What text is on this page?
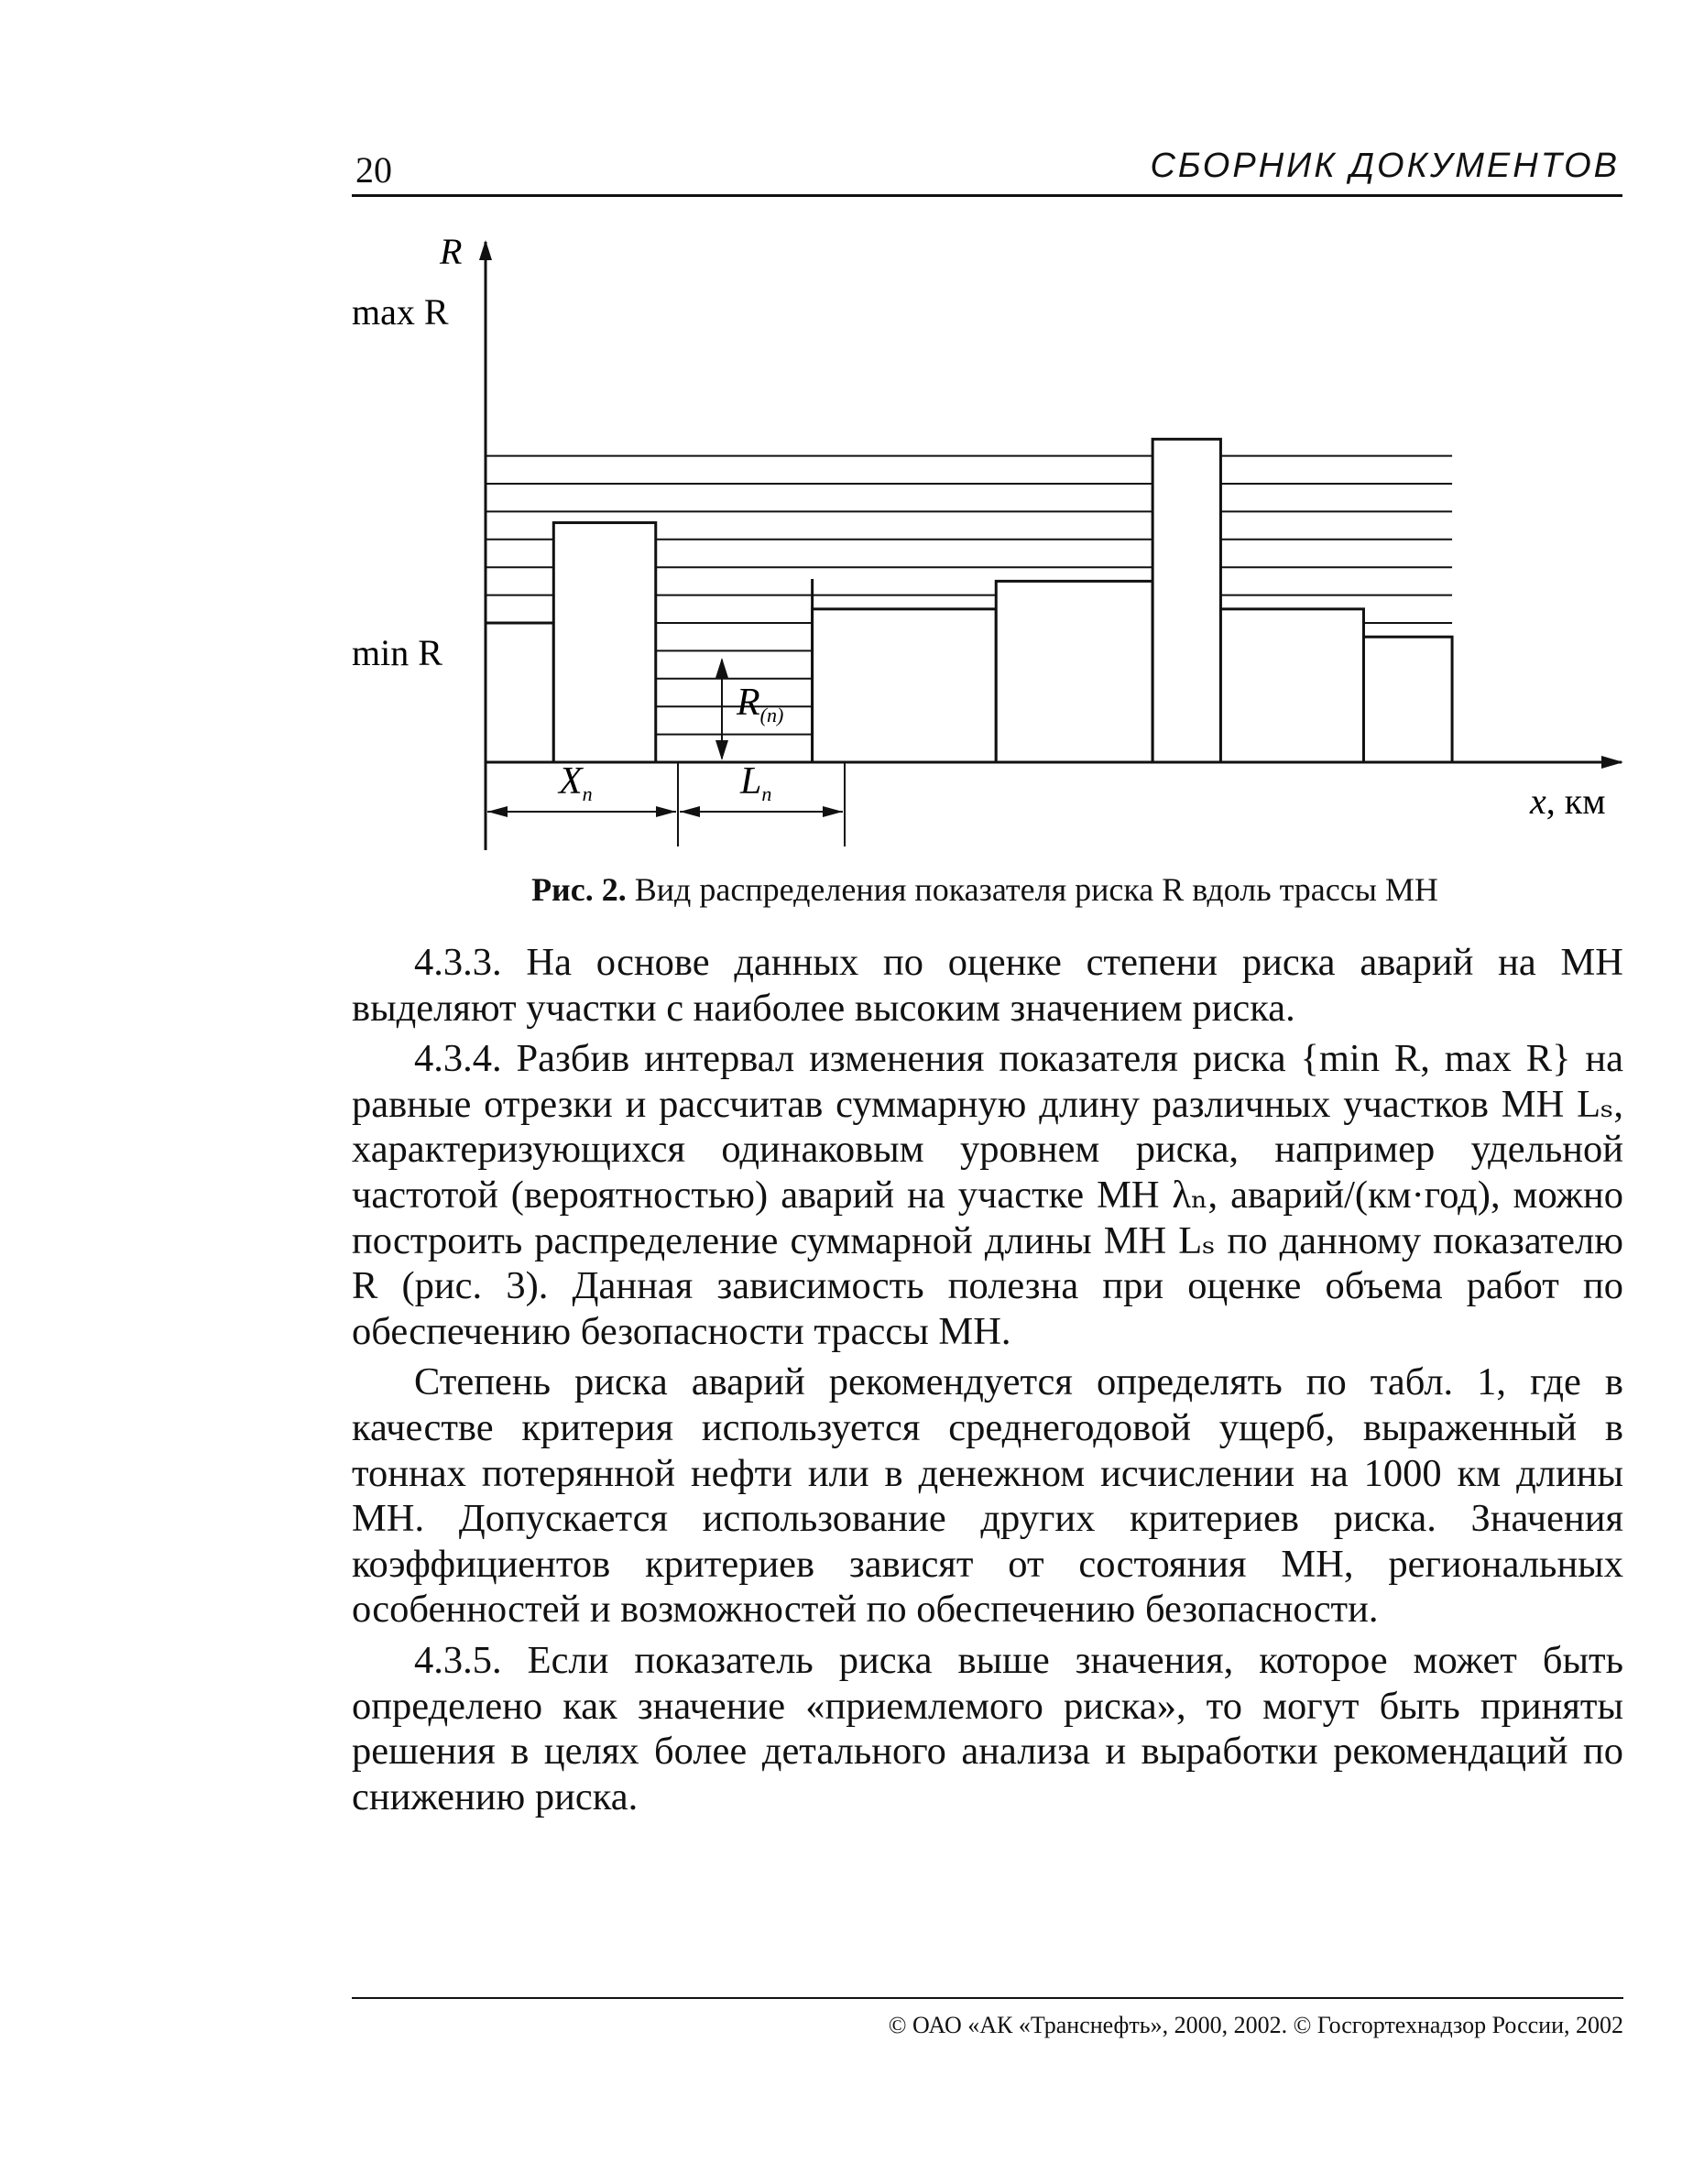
20	СБОРНИК ДОКУМЕНТОВ
R
max R
min R
x, км
Xn	Ln
R(n)
Рис. 2. Вид распределения показателя риска R вдоль трассы МН

4.3.3. На основе данных по оценке степени риска аварий на МН выделяют участки с наиболее высоким значением риска.

4.3.4. Разбив интервал изменения показателя риска {min R, max R} на равные отрезки и рассчитав суммарную длину различных участков МН Lₛ, характеризующихся одинаковым уровнем риска, например удельной частотой (вероятностью) аварий на участке МН λₙ, аварий/(км·год), можно построить распределение суммарной длины МН Lₛ по данному показателю R (рис. 3). Данная зависимость полезна при оценке объема работ по обеспечению безопасности трассы МН.

Степень риска аварий рекомендуется определять по табл. 1, где в качестве критерия используется среднегодовой ущерб, выраженный в тоннах потерянной нефти или в денежном исчислении на 1000 км длины МН. Допускается использование других критериев риска. Значения коэффициентов критериев зависят от состояния МН, региональных особенностей и возможностей по обеспечению безопасности.

4.3.5. Если показатель риска выше значения, которое может быть определено как значение «приемлемого риска», то могут быть приняты решения в целях более детального анализа и выработки рекомендаций по снижению риска.

© ОАО «АК «Транснефть», 2000, 2002. © Госгортехнадзор России, 2002
